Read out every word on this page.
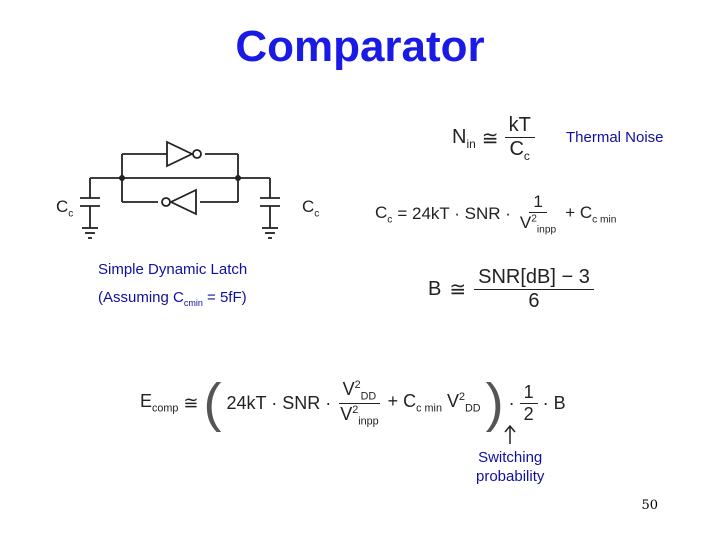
Comparator
$C_c$	$C_c$
Simple Dynamic Latch
(Assuming $C_{cmin} = 5fF$)
$N_{in}$ ≅ $\frac{kT}{C_c}$ Thermal Noise
$C_c = 24kT$ · SNR · $\frac{1}{V^2_{inpp}} + C_{c min}$
B ≅ $\frac{\text{SNR[dB] − 3}}{6}$
$E_{comp}$ ≅ ( 24kT · SNR · $\frac{V^2_{DD}}{V^2_{inpp}} + C_{c min}$ $V^2_{DD}$ ) · $\frac{1}{2} \cdot B$
Switching
probability
50
